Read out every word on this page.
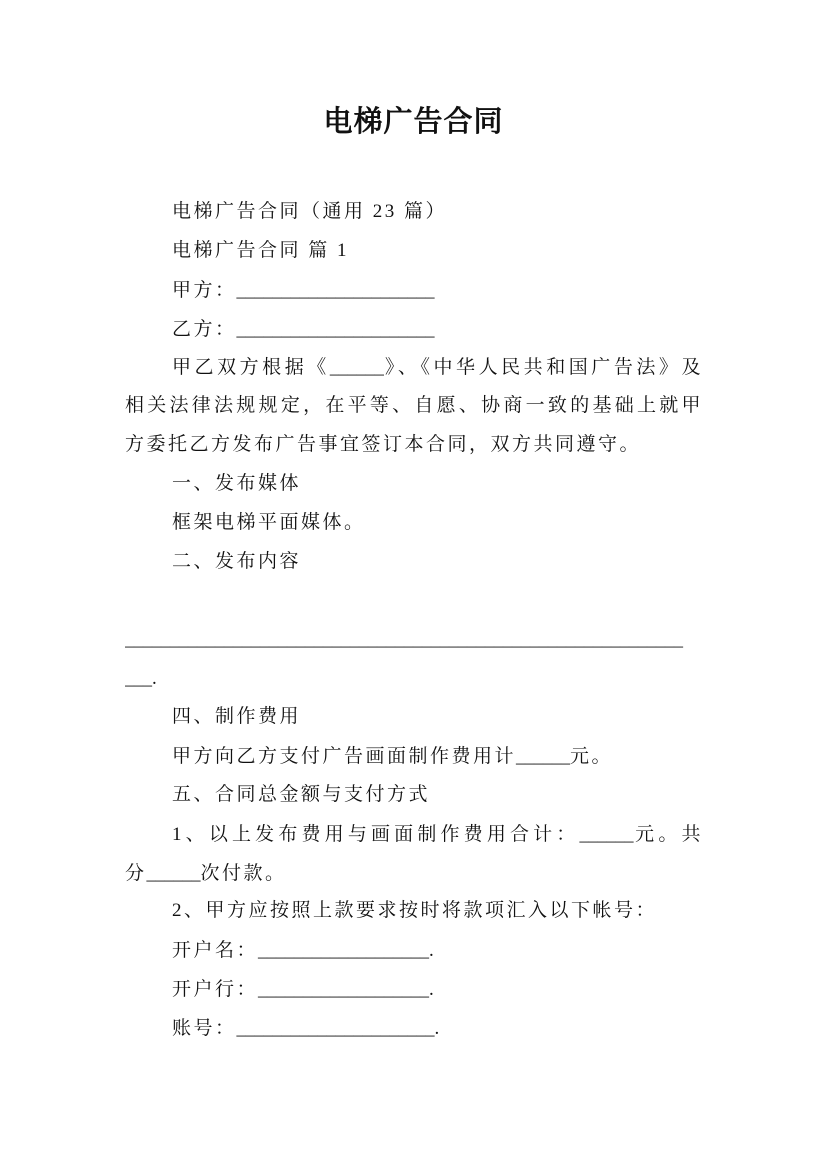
电梯广告合同
电梯广告合同（通用 23 篇）
电梯广告合同 篇 1
甲方：______________________
乙方：______________________
甲乙双方根据《______》、《中华人民共和国广告法》及
相关法律法规规定，在平等、自愿、协商一致的基础上就甲
方委托乙方发布广告事宜签订本合同，双方共同遵守。
一、发布媒体
框架电梯平面媒体。
二、发布内容
______________________________________________________________
___.
四、制作费用
甲方向乙方支付广告画面制作费用计______元。
五、合同总金额与支付方式
1、以上发布费用与画面制作费用合计：______元。共
分______次付款。
2、甲方应按照上款要求按时将款项汇入以下帐号：
开户名：___________________.
开户行：___________________.
账号：______________________.
